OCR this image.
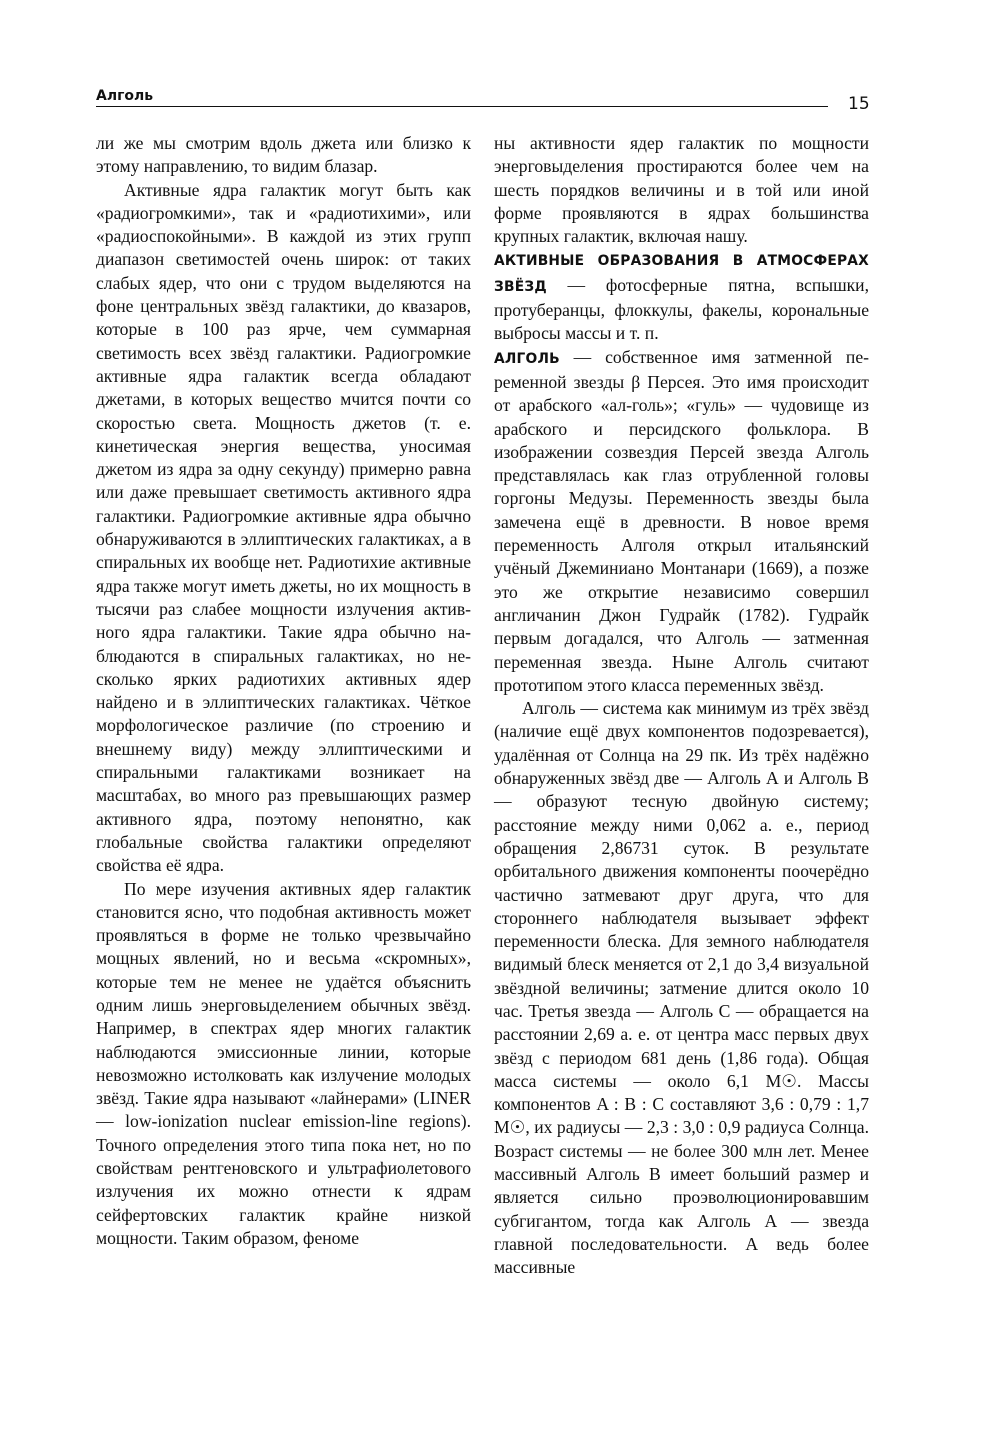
Алголь	15

ли же мы смотрим вдоль джета или близко к этому направлению, то видим блазар.

Активные ядра галактик могут быть как «радиогромкими», так и «радиотихими», или «радиоспокойными». В каждой из этих групп диапазон светимостей очень широк: от таких слабых ядер, что они с трудом выделяются на фоне центральных звёзд галактики, до квазаров, которые в 100 раз ярче, чем суммарная светимость всех звёзд галактики. Радиогромкие активные ядра галактик всегда обладают джетами, в которых вещество мчится почти со скоростью света. Мощность джетов (т. е. кинетическая энергия вещества, уносимая джетом из ядра за одну секунду) примерно равна или даже превышает светимость активного ядра галактики. Радиогромкие активные ядра обычно обнаруживаются в эллиптических галактиках, а в спиральных их вообще нет. Радиотихие активные ядра также могут иметь джеты, но их мощность в тысячи раз слабее мощности излучения активного ядра галактики. Такие ядра обычно наблюдаются в спиральных галактиках, но несколько ярких радиотихих активных ядер найдено и в эллиптических галактиках. Чёткое морфологическое различие (по строению и внешнему виду) между эллиптическими и спиральными галактиками возникает на масштабах, во много раз превышающих размер активного ядра, поэтому непонятно, как глобальные свойства галактики определяют свойства её ядра.

По мере изучения активных ядер галактик становится ясно, что подобная активность может проявляться в форме не только чрезвычайно мощных явлений, но и весьма «скромных», которые тем не менее не удаётся объяснить одним лишь энерговыделением обычных звёзд. Например, в спектрах ядер многих галактик наблюдаются эмиссионные линии, которые невозможно истолковать как излучение молодых звёзд. Такие ядра называют «лайнерами» (LINER — low-ionization nuclear emission-line regions). Точного определения этого типа пока нет, но по свойствам рентгеновского и ультрафиолетового излучения их можно отнести к ядрам сейфертовских галактик крайне низкой мощности. Таким образом, феноме

ны активности ядер галактик по мощности энерговыделения простираются более чем на шесть порядков величины и в той или иной форме проявляются в ядрах большинства крупных галактик, включая нашу.

АКТИВНЫЕ ОБРАЗОВАНИЯ В АТМОСФЕРАХ ЗВЁЗД — фотосферные пятна, вспышки, протуберанцы, флоккулы, факелы, корональные выбросы массы и т. п.

АЛГОЛЬ — собственное имя затменной переменной звезды β Персея. Это имя происходит от арабского «ал-голь»; «гуль» — чудовище из арабского и персидского фольклора. В изображении созвездия Персей звезда Алголь представлялась как глаз отрубленной головы горгоны Медузы. Переменность звезды была замечена ещё в древности. В новое время переменность Алголя открыл итальянский учёный Джеминиано Монтанари (1669), а позже это же открытие независимо совершил англичанин Джон Гудрайк (1782). Гудрайк первым догадался, что Алголь — затменная переменная звезда. Ныне Алголь считают прототипом этого класса переменных звёзд.

Алголь — система как минимум из трёх звёзд (наличие ещё двух компонентов подозревается), удалённая от Солнца на 29 пк. Из трёх надёжно обнаруженных звёзд две — Алголь А и Алголь B — образуют тесную двойную систему; расстояние между ними 0,062 а. е., период обращения 2,86731 суток. В результате орбитального движения компоненты поочерёдно частично затмевают друг друга, что для стороннего наблюдателя вызывает эффект переменности блеска. Для земного наблюдателя видимый блеск меняется от 2,1 до 3,4 визуальной звёздной величины; затмение длится около 10 час. Третья звезда — Алголь C — обращается на расстоянии 2,69 а. е. от центра масс первых двух звёзд с периодом 681 день (1,86 года). Общая масса системы — около 6,1 M☉. Массы компонентов A : B : C составляют 3,6 : 0,79 : 1,7 M☉, их радиусы — 2,3 : 3,0 : 0,9 радиуса Солнца. Возраст системы — не более 300 млн лет. Менее массивный Алголь B имеет больший размер и является сильно проэволюционировавшим субгигантом, тогда как Алголь А — звезда главной последовательности. А ведь более массивные
